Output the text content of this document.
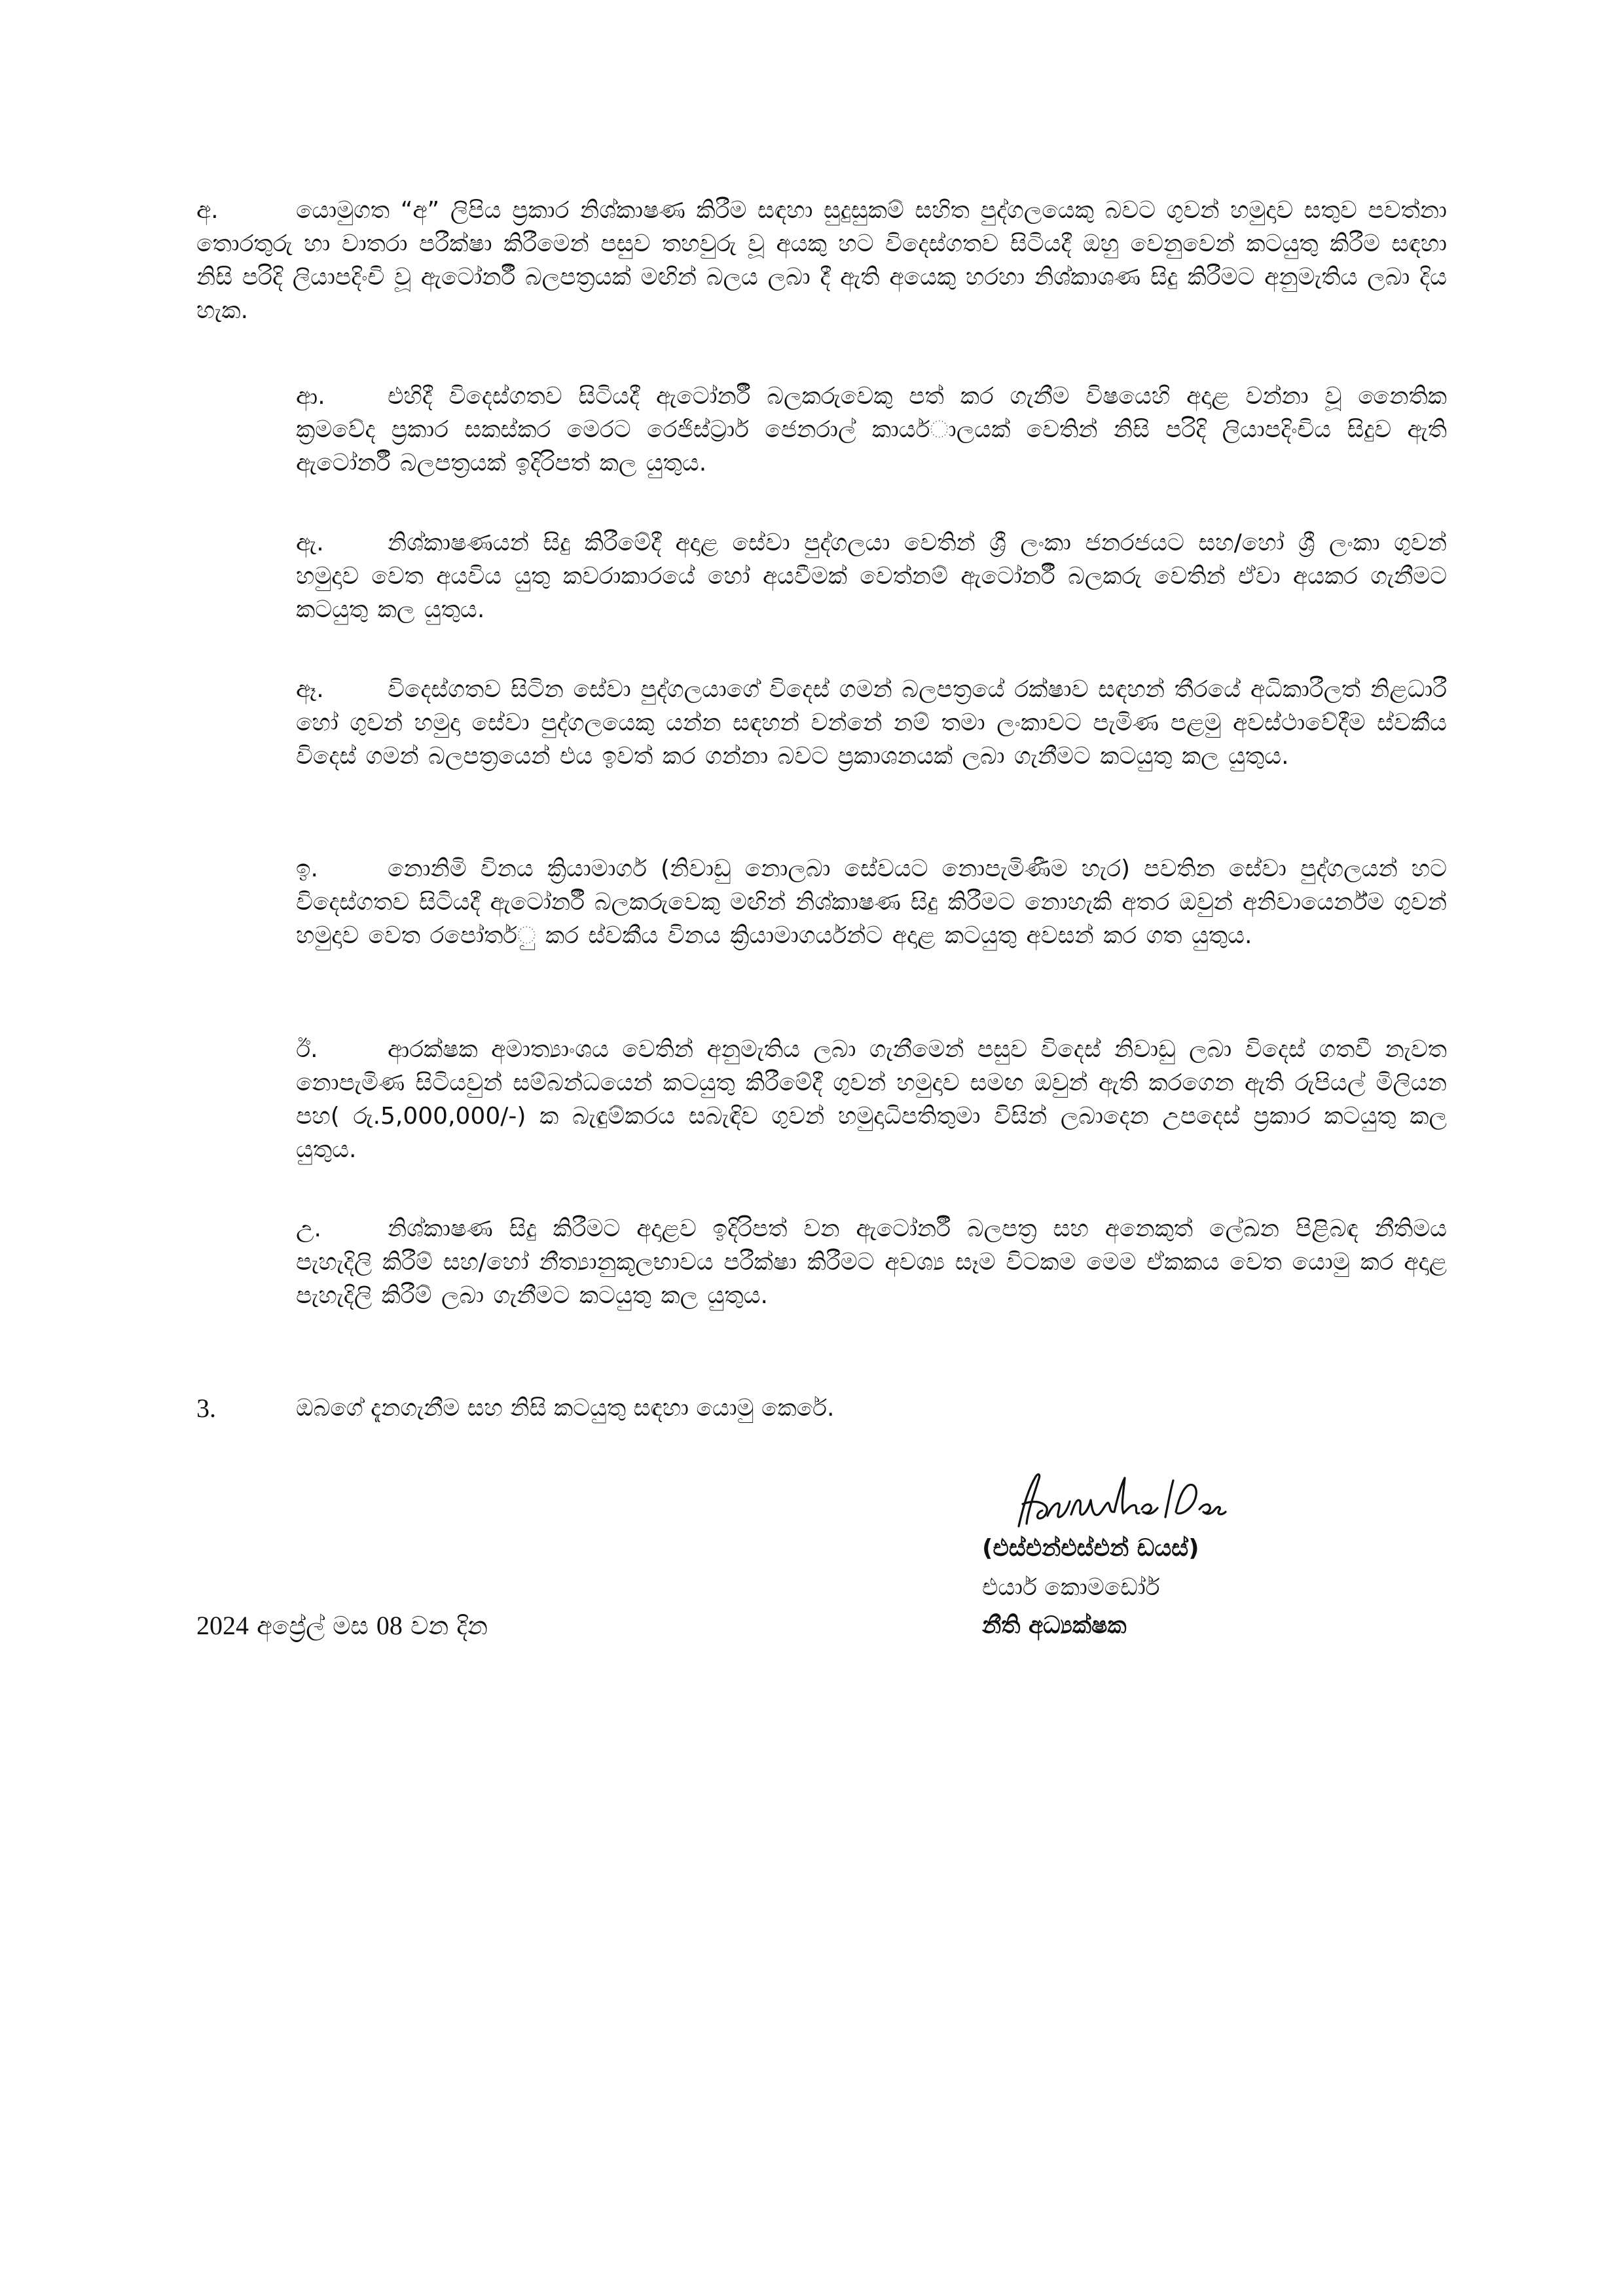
අ.	යොමුගත “අ” ලිපිය ප්‍රකාර නිශ්කාෂණ කිරීම සඳහා සුදුසුකම් සහිත පුද්ගලයෙකු බවට ගුවන් හමුදාව සතුව පවත්නා තොරතුරු හා වාතරා පරීක්ෂා කිරීමෙන් පසුව තහවුරු වූ අයකු හට විදෙස්ගතව සිටියදී ඔහු වෙනුවෙන් කටයුතු කිරීම සඳහා නිසි පරිදි ලියාපදිංචි වූ ඇටෝනර්‍රී බලපත්‍රයක් මඟින් බලය ලබා දී ඇති අයෙකු හරහා නිශ්කාශණ සිදු කිරීමට අනුමැතිය ලබා දිය හැක.
ආ.	එහිදී විදෙස්ගතව සිටියදී ඇටෝනර්‍රී බලකරුවෙකු පත් කර ගැනීම විෂයෙහි අදාළ වන්නා වූ නෛතික ක්‍රමවේද ප්‍රකාර සකස්කර මෙරට රෙජිස්ට්‍රාර් ජෙනරාල් කායර්ාලයක් වෙතින් නිසි පරිදි ලියාපදිංචිය සිදුව ඇති ඇටෝනර්‍රී බලපත්‍රයක් ඉදිරිපත් කල යුතුය.
ඇ.	නිශ්කාෂණයන් සිදු කිරීමේදී අදාළ සේවා පුද්ගලයා වෙතින් ශ්‍රී ලංකා ජනරජයට සහ/හෝ ශ්‍රී ලංකා ගුවන් හමුදාව වෙත අයවිය යුතු කවරාකාරයේ හෝ අයවීමක් වෙත්නම් ඇටෝනර්‍රී බලකරු වෙතින් ඒවා අයකර ගැනීමට කටයුතු කල යුතුය.
ඈ.	විදෙස්ගතව සිටින සේවා පුද්ගලයාගේ විදෙස් ගමන් බලපත්‍රයේ රක්ෂාව සඳහන් තීරයේ අධිකාරීලත් නිළධාරී හෝ ගුවන් හමුදා සේවා පුද්ගලයෙකු යන්න සඳහන් වන්නේ නම් තමා ලංකාවට පැමිණ පළමු අවස්ථාවේදීම ස්වකීය විදෙස් ගමන් බලපත්‍රයෙන් එය ඉවත් කර ගන්නා බවට ප්‍රකාශනයක් ලබා ගැනීමට කටයුතු කල යුතුය.
ඉ.	නොනිමි විනය ක්‍රියාමාගර් (නිවාඩු නොලබා සේවයට නොපැමිණීම හැර) පවතින සේවා පුද්ගලයන් හට විදෙස්ගතව සිටියදී ඇටෝනර්‍රී බලකරුවෙකු මඟින් නිශ්කාෂණ සිදු කිරීමට නොහැකි අතර ඔවුන් අනිවායෙර්න්ම ගුවන් හමුදාව වෙත රපෝතර්ු කර ස්වකීය විනය ක්‍රියාමාගර්යන්ට අදාළ කටයුතු අවසන් කර ගත යුතුය.
ඊ.	ආරක්ෂක අමාත්‍යාංශය වෙතින් අනුමැතිය ලබා ගැනීමෙන් පසුව විදෙස් නිවාඩු ලබා විදෙස් ගතවී නැවත නොපැමිණ සිටියවුන් සම්බන්ධයෙන් කටයුතු කිරීමේදී ගුවන් හමුදාව සමඟ ඔවුන් ඇති කරගෙන ඇති රුපියල් මිලියන පහ( රු.5,000,000/-) ක බැඳුම්කරය සබැඳිව ගුවන් හමුදාධිපතිතුමා විසින් ලබාදෙන උපදෙස් ප්‍රකාර කටයුතු කල යුතුය.
උ.	නිශ්කාෂණ සිදු කිරීමට අදාළව ඉදිරිපත් වන ඇටෝනර්‍රී බලපත්‍ර සහ අනෙකුත් ලේඛන පිළිබඳ නීතිමය පැහැදිලි කිරීම් සහ/හෝ නීත්‍යානුකූලභාවය පරීක්ෂා කිරීමට අවශ්‍ය සෑම විටකම මෙම ඒකකය වෙත යොමු කර අදාළ පැහැදිලි කිරීම් ලබා ගැනීමට කටයුතු කල යුතුය.
3.	ඔබගේ දැනගැනීම සහ නිසි කටයුතු සඳහා යොමු කෙරේ.
(එස්එන්එස්එන් ඩයස්)
එයාර් කොමඩෝර්
2024 අප්‍රේල් මස 08 වන දින	නීති අධ්‍යක්ෂක
